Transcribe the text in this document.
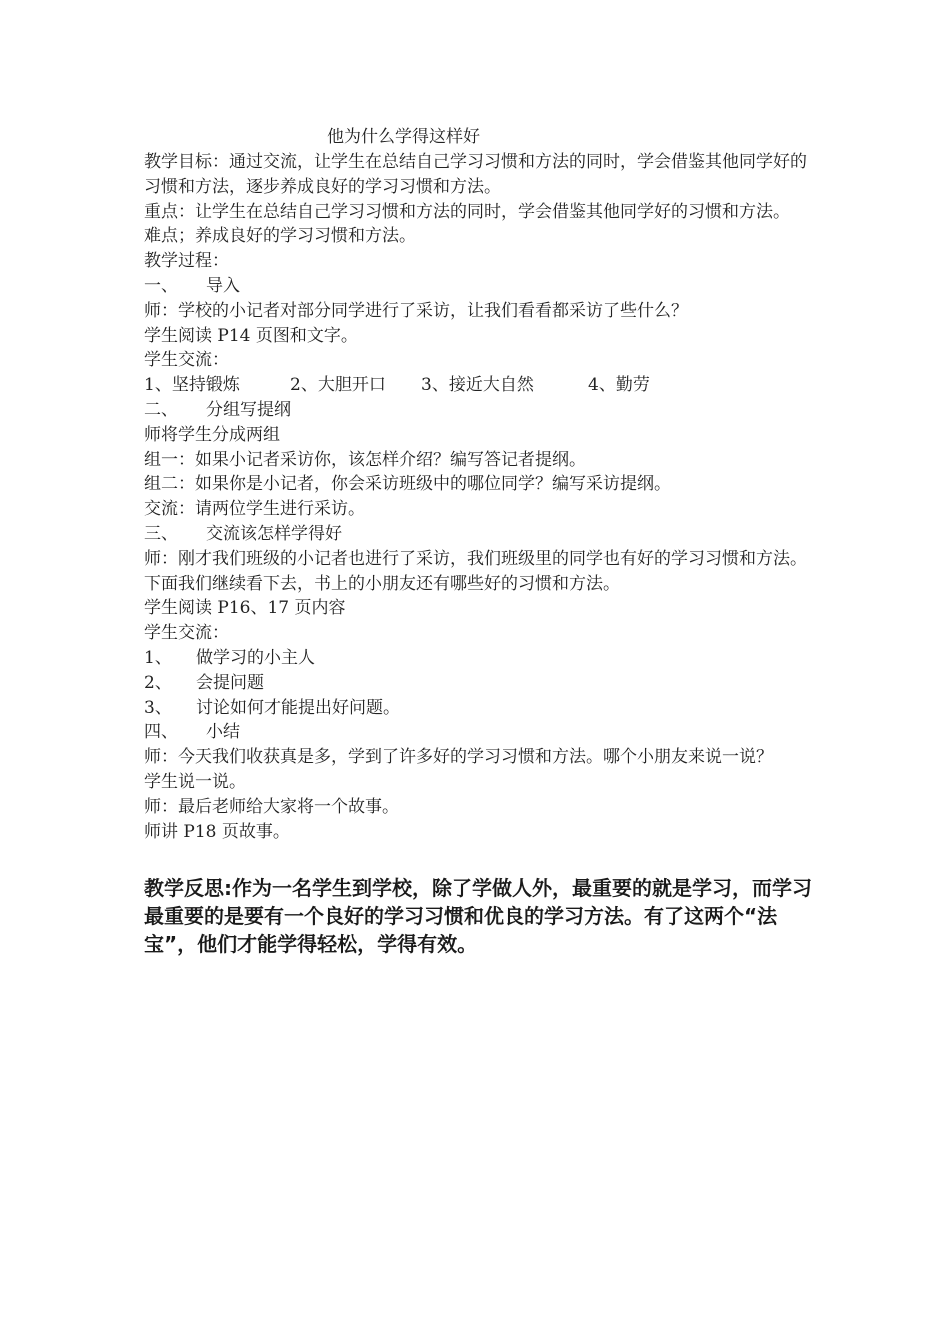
他为什么学得这样好
教学目标：通过交流，让学生在总结自己学习习惯和方法的同时，学会借鉴其他同学好的习惯和方法，逐步养成良好的学习习惯和方法。
重点：让学生在总结自己学习习惯和方法的同时，学会借鉴其他同学好的习惯和方法。
难点；养成良好的学习习惯和方法。
教学过程：
一、 导入
师：学校的小记者对部分同学进行了采访，让我们看看都采访了些什么？
学生阅读 P14 页图和文字。
学生交流：
1、坚持锻炼	2、大胆开口 3、接近大自然	4、勤劳
二、 分组写提纲
师将学生分成两组
组一：如果小记者采访你，该怎样介绍？编写答记者提纲。
组二：如果你是小记者，你会采访班级中的哪位同学？编写采访提纲。
交流：请两位学生进行采访。
三、 交流该怎样学得好
师：刚才我们班级的小记者也进行了采访，我们班级里的同学也有好的学习习惯和方法。下面我们继续看下去，书上的小朋友还有哪些好的习惯和方法。
学生阅读 P16、17 页内容
学生交流：
1、 做学习的小主人
2、 会提问题
3、 讨论如何才能提出好问题。
四、 小结
师：今天我们收获真是多，学到了许多好的学习习惯和方法。哪个小朋友来说一说？
学生说一说。
师：最后老师给大家将一个故事。
师讲 P18 页故事。
教学反思:作为一名学生到学校，除了学做人外，最重要的就是学习，而学习最重要的是要有一个良好的学习习惯和优良的学习方法。有了这两个“法宝”，他们才能学得轻松，学得有效。
